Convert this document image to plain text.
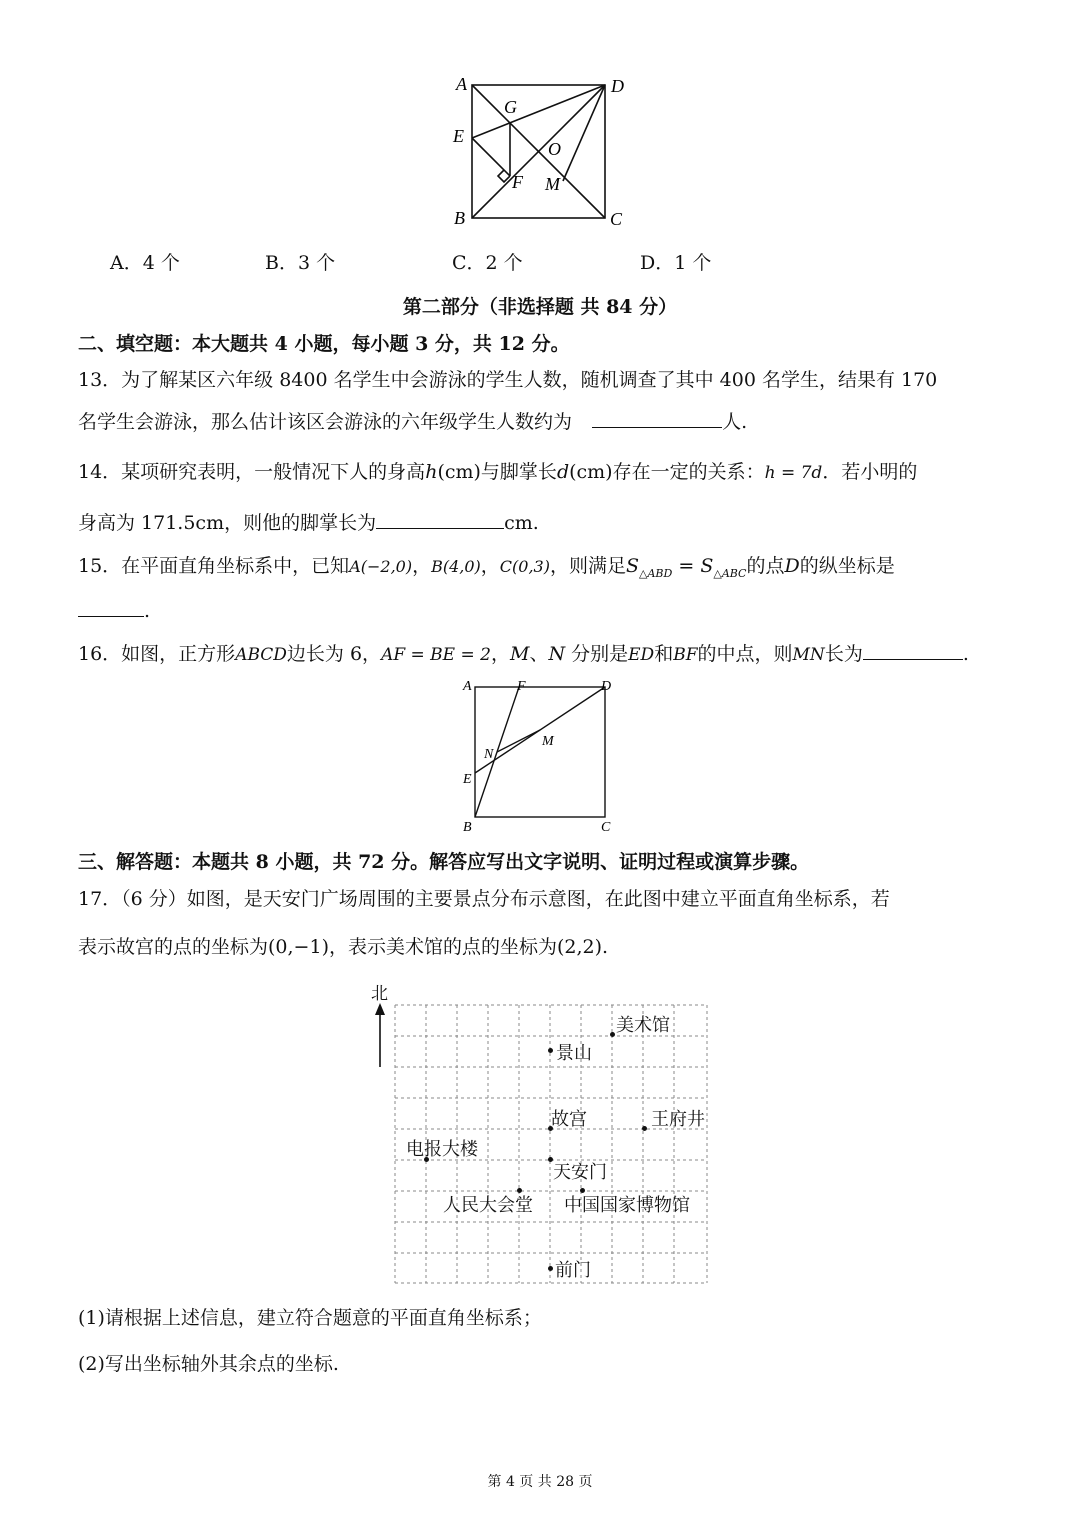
A	D
G
E
O
F M
B	C
A．4 个	B．3 个	C．2 个	D．1 个
第二部分（非选择题 共 84 分）
二、填空题：本大题共 4 小题，每小题 3 分，共 12 分。
13．为了解某区六年级 8400 名学生中会游泳的学生人数，随机调查了其中 400 名学生，结果有 170
名学生会游泳，那么估计该区会游泳的六年级学生人数约为	人.
14．某项研究表明，一般情况下人的身高h(cm)与脚掌长d(cm)存在一定的关系：h = 7d．若小明的
身高为 171.5cm，则他的脚掌长为	cm.
15．在平面直角坐标系中，已知A(−2,0)，B(4,0)，C(0,3)，则满足$S_{\triangle ABD} = S_{\triangle ABC}$的点D的纵坐标是
.
16．如图，正方形ABCD边长为 6，AF = BE = 2，M、N 分别是ED和BF的中点，则MN长为	.
A	F	D
N
M
E
B	C
三、解答题：本题共 8 小题，共 72 分。解答应写出文字说明、证明过程或演算步骤。
17．（6 分）如图，是天安门广场周围的主要景点分布示意图，在此图中建立平面直角坐标系，若
表示故宫的点的坐标为(0,−1)，表示美术馆的点的坐标为(2,2).
北
美术馆
景山
故宫	王府井
电报大楼
天安门
人民大会堂 中国国家博物馆
前门
(1)请根据上述信息，建立符合题意的平面直角坐标系；
(2)写出坐标轴外其余点的坐标.
第 4 页 共 28 页
